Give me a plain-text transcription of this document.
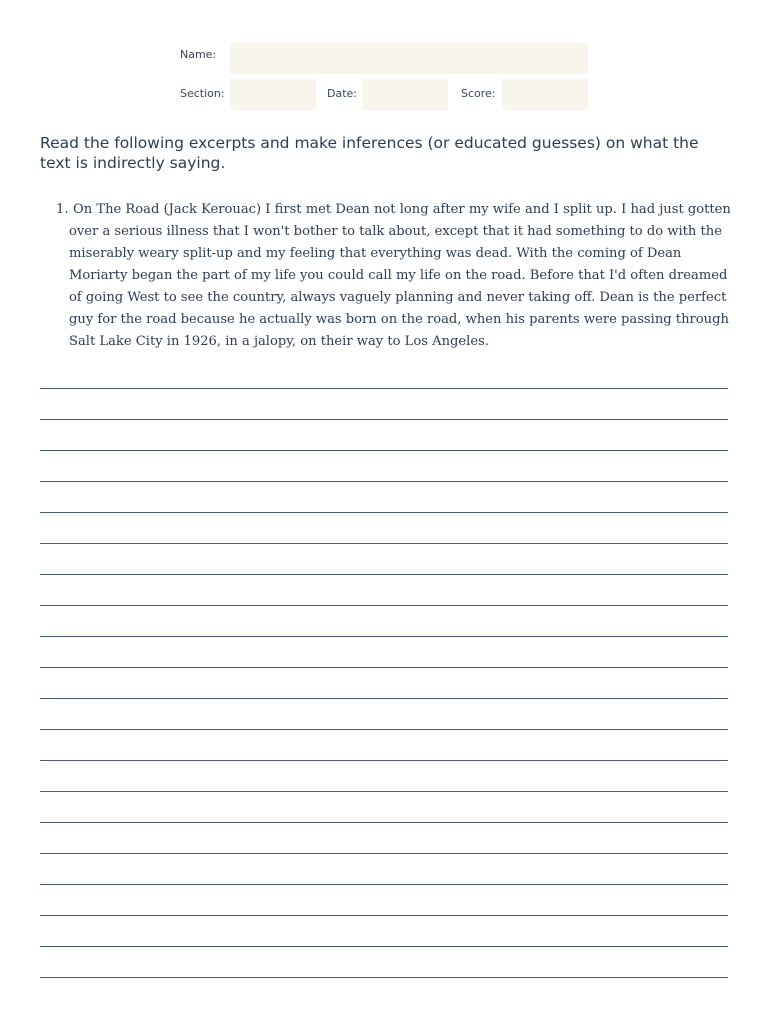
Name:
Section:	Date:	Score:
Read the following excerpts and make inferences (or educated guesses) on what the text is indirectly saying.
1. On The Road (Jack Kerouac) I first met Dean not long after my wife and I split up. I had just gotten over a serious illness that I won't bother to talk about, except that it had something to do with the miserably weary split-up and my feeling that everything was dead. With the coming of Dean Moriarty began the part of my life you could call my life on the road. Before that I'd often dreamed of going West to see the country, always vaguely planning and never taking off. Dean is the perfect guy for the road because he actually was born on the road, when his parents were passing through Salt Lake City in 1926, in a jalopy, on their way to Los Angeles.
